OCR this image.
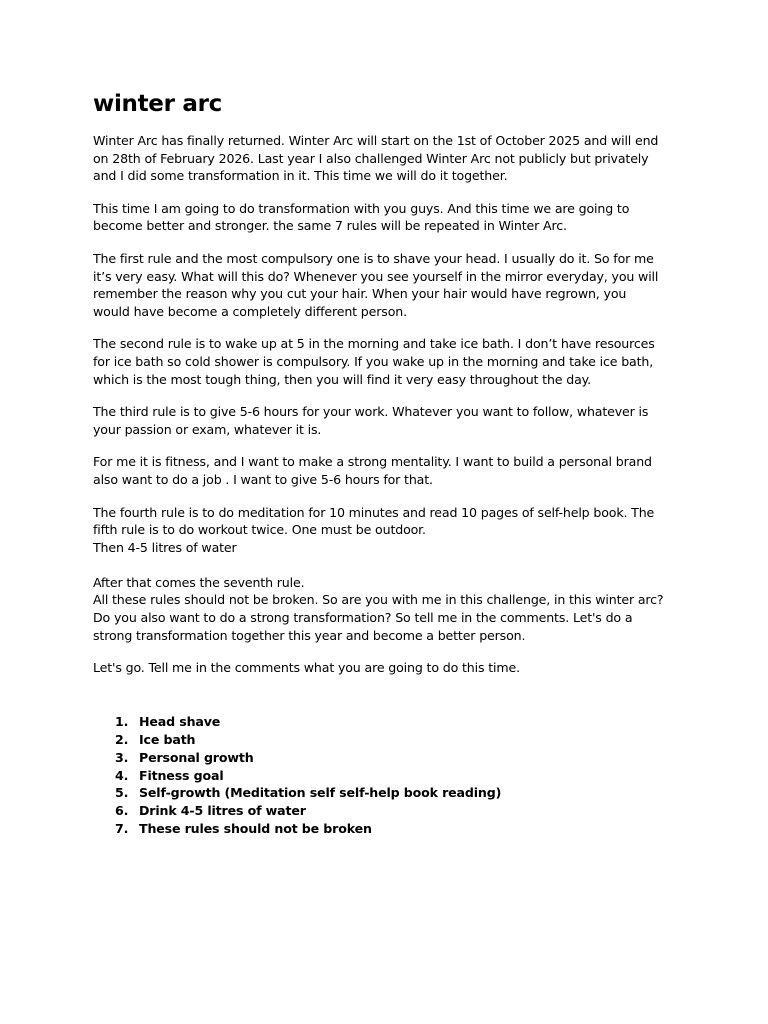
winter arc
Winter Arc has finally returned. Winter Arc will start on the 1st of October 2025 and will end
on 28th of February 2026. Last year I also challenged Winter Arc not publicly but privately
and I did some transformation in it. This time we will do it together.
This time I am going to do transformation with you guys. And this time we are going to
become better and stronger. the same 7 rules will be repeated in Winter Arc.
The first rule and the most compulsory one is to shave your head. I usually do it. So for me
it’s very easy. What will this do? Whenever you see yourself in the mirror everyday, you will
remember the reason why you cut your hair. When your hair would have regrown, you
would have become a completely different person.
The second rule is to wake up at 5 in the morning and take ice bath. I don’t have resources
for ice bath so cold shower is compulsory. If you wake up in the morning and take ice bath,
which is the most tough thing, then you will find it very easy throughout the day.
The third rule is to give 5-6 hours for your work. Whatever you want to follow, whatever is
your passion or exam, whatever it is.
For me it is fitness, and I want to make a strong mentality. I want to build a personal brand
also want to do a job . I want to give 5-6 hours for that.
The fourth rule is to do meditation for 10 minutes and read 10 pages of self-help book. The
fifth rule is to do workout twice. One must be outdoor.
Then 4-5 litres of water
After that comes the seventh rule.
All these rules should not be broken. So are you with me in this challenge, in this winter arc?
Do you also want to do a strong transformation? So tell me in the comments. Let's do a
strong transformation together this year and become a better person.
Let's go. Tell me in the comments what you are going to do this time.
1. Head shave
2. Ice bath
3. Personal growth
4. Fitness goal
5. Self-growth (Meditation self self-help book reading)
6. Drink 4-5 litres of water
7. These rules should not be broken
